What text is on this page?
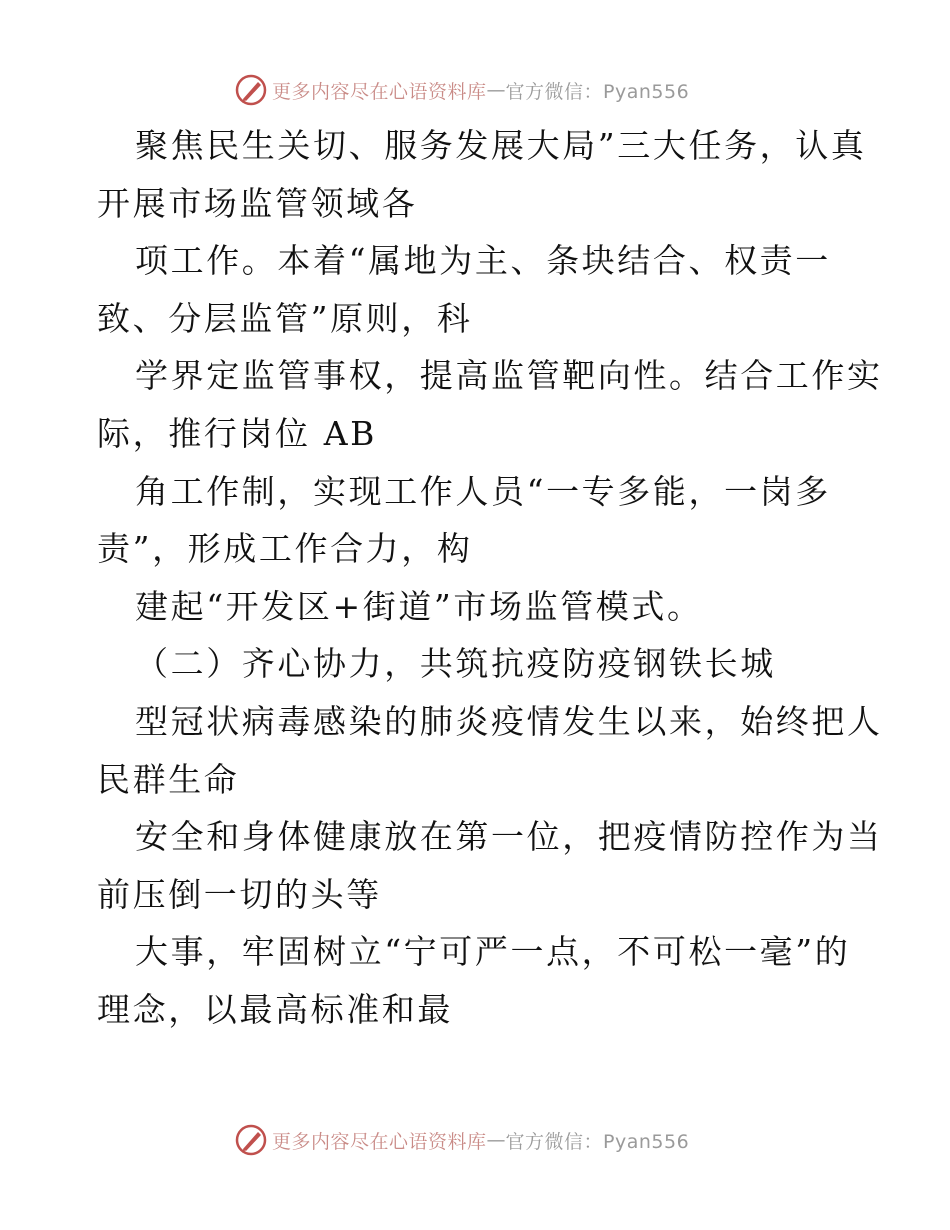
更多内容尽在心语资料库 — 官方微信：Pyan556
聚焦民生关切、服务发展大局”三大任务，认真
开展市场监管领域各
项工作。本着“属地为主、条块结合、权责一
致、分层监管”原则，科
学界定监管事权，提高监管靶向性。结合工作实
际，推行岗位 AB
角工作制，实现工作人员“一专多能，一岗多
责”，形成工作合力，构
建起“开发区+街道”市场监管模式。
（二）齐心协力，共筑抗疫防疫钢铁长城
型冠状病毒感染的肺炎疫情发生以来，始终把人
民群生命
安全和身体健康放在第一位，把疫情防控作为当
前压倒一切的头等
大事，牢固树立“宁可严一点，不可松一毫”的
理念，以最高标准和最
更多内容尽在心语资料库 — 官方微信：Pyan556
